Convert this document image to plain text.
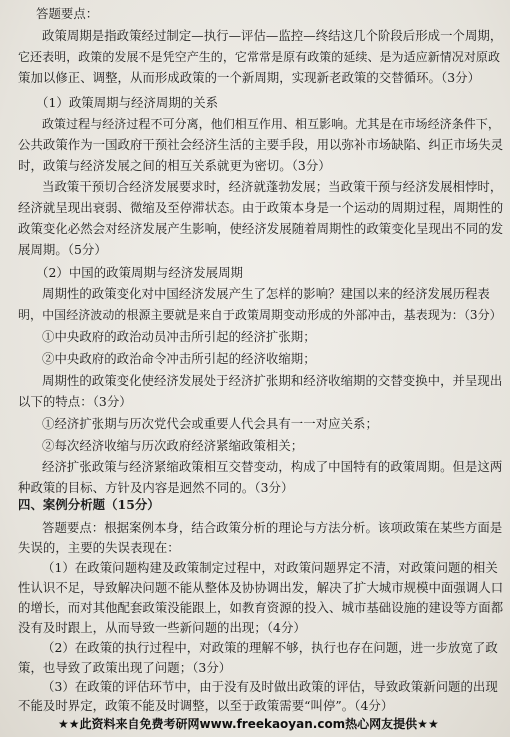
答题要点：
政策周期是指政策经过制定—执行—评估—监控—终结这几个阶段后形成一个周期，
它还表明，政策的发展不是凭空产生的，它常常是原有政策的延续、是为适应新情况对原政
策加以修正、调整，从而形成政策的一个新周期，实现新老政策的交替循环。（3分）
（1）政策周期与经济周期的关系
政策过程与经济过程不可分离，他们相互作用、相互影响。尤其是在市场经济条件下，
公共政策作为一国政府干预社会经济生活的主要手段，用以弥补市场缺陷、纠正市场失灵
时，政策与经济发展之间的相互关系就更为密切。（3分）
当政策干预切合经济发展要求时，经济就蓬勃发展；当政策干预与经济发展相悖时，
经济就呈现出衰弱、微缩及至停滞状态。由于政策本身是一个运动的周期过程，周期性的
政策变化必然会对经济发展产生影响，使经济发展随着周期性的政策变化呈现出不同的发
展周期。（5分）
（2）中国的政策周期与经济发展周期
周期性的政策变化对中国经济发展产生了怎样的影响？建国以来的经济发展历程表
明，中国经济波动的根源主要就是来自于政策周期变动形成的外部冲击，基表现为：（3分）
①中央政府的政治动员冲击所引起的经济扩张期；
②中央政府的政治命令冲击所引起的经济收缩期；
周期性的政策变化使经济发展处于经济扩张期和经济收缩期的交替变换中，并呈现出
以下的特点：（3分）
①经济扩张期与历次党代会或重要人代会具有一一对应关系；
②每次经济收缩与历次政府经济紧缩政策相关；
经济扩张政策与经济紧缩政策相互交替变动，构成了中国特有的政策周期。但是这两
种政策的目标、方针及内容是迥然不同的。（3分）
四、案例分析题（15分）
答题要点：根据案例本身，结合政策分析的理论与方法分析。该项政策在某些方面是
失误的，主要的失误表现在：
（1）在政策问题构建及政策制定过程中，对政策问题界定不清，对政策问题的相关
性认识不足，导致解决问题不能从整体及协协调出发，解决了扩大城市规模中面强调人口
的增长，而对其他配套政策没能跟上，如教育资源的投入、城市基础设施的建设等方面都
没有及时跟上，从而导致一些新问题的出现；（4分）
（2）在政策的执行过程中，对政策的理解不够，执行也存在问题，进一步放宽了政
策，也导致了政策出现了问题；（3分）
（3）在政策的评估环节中，由于没有及时做出政策的评估，导致政策新问题的出现
不能及时界定，政策不能及时调整，以至于政策需要“叫停”。（4分）
★★此资料来自免费考研网www.freekaoyan.com热心网友提供★★
